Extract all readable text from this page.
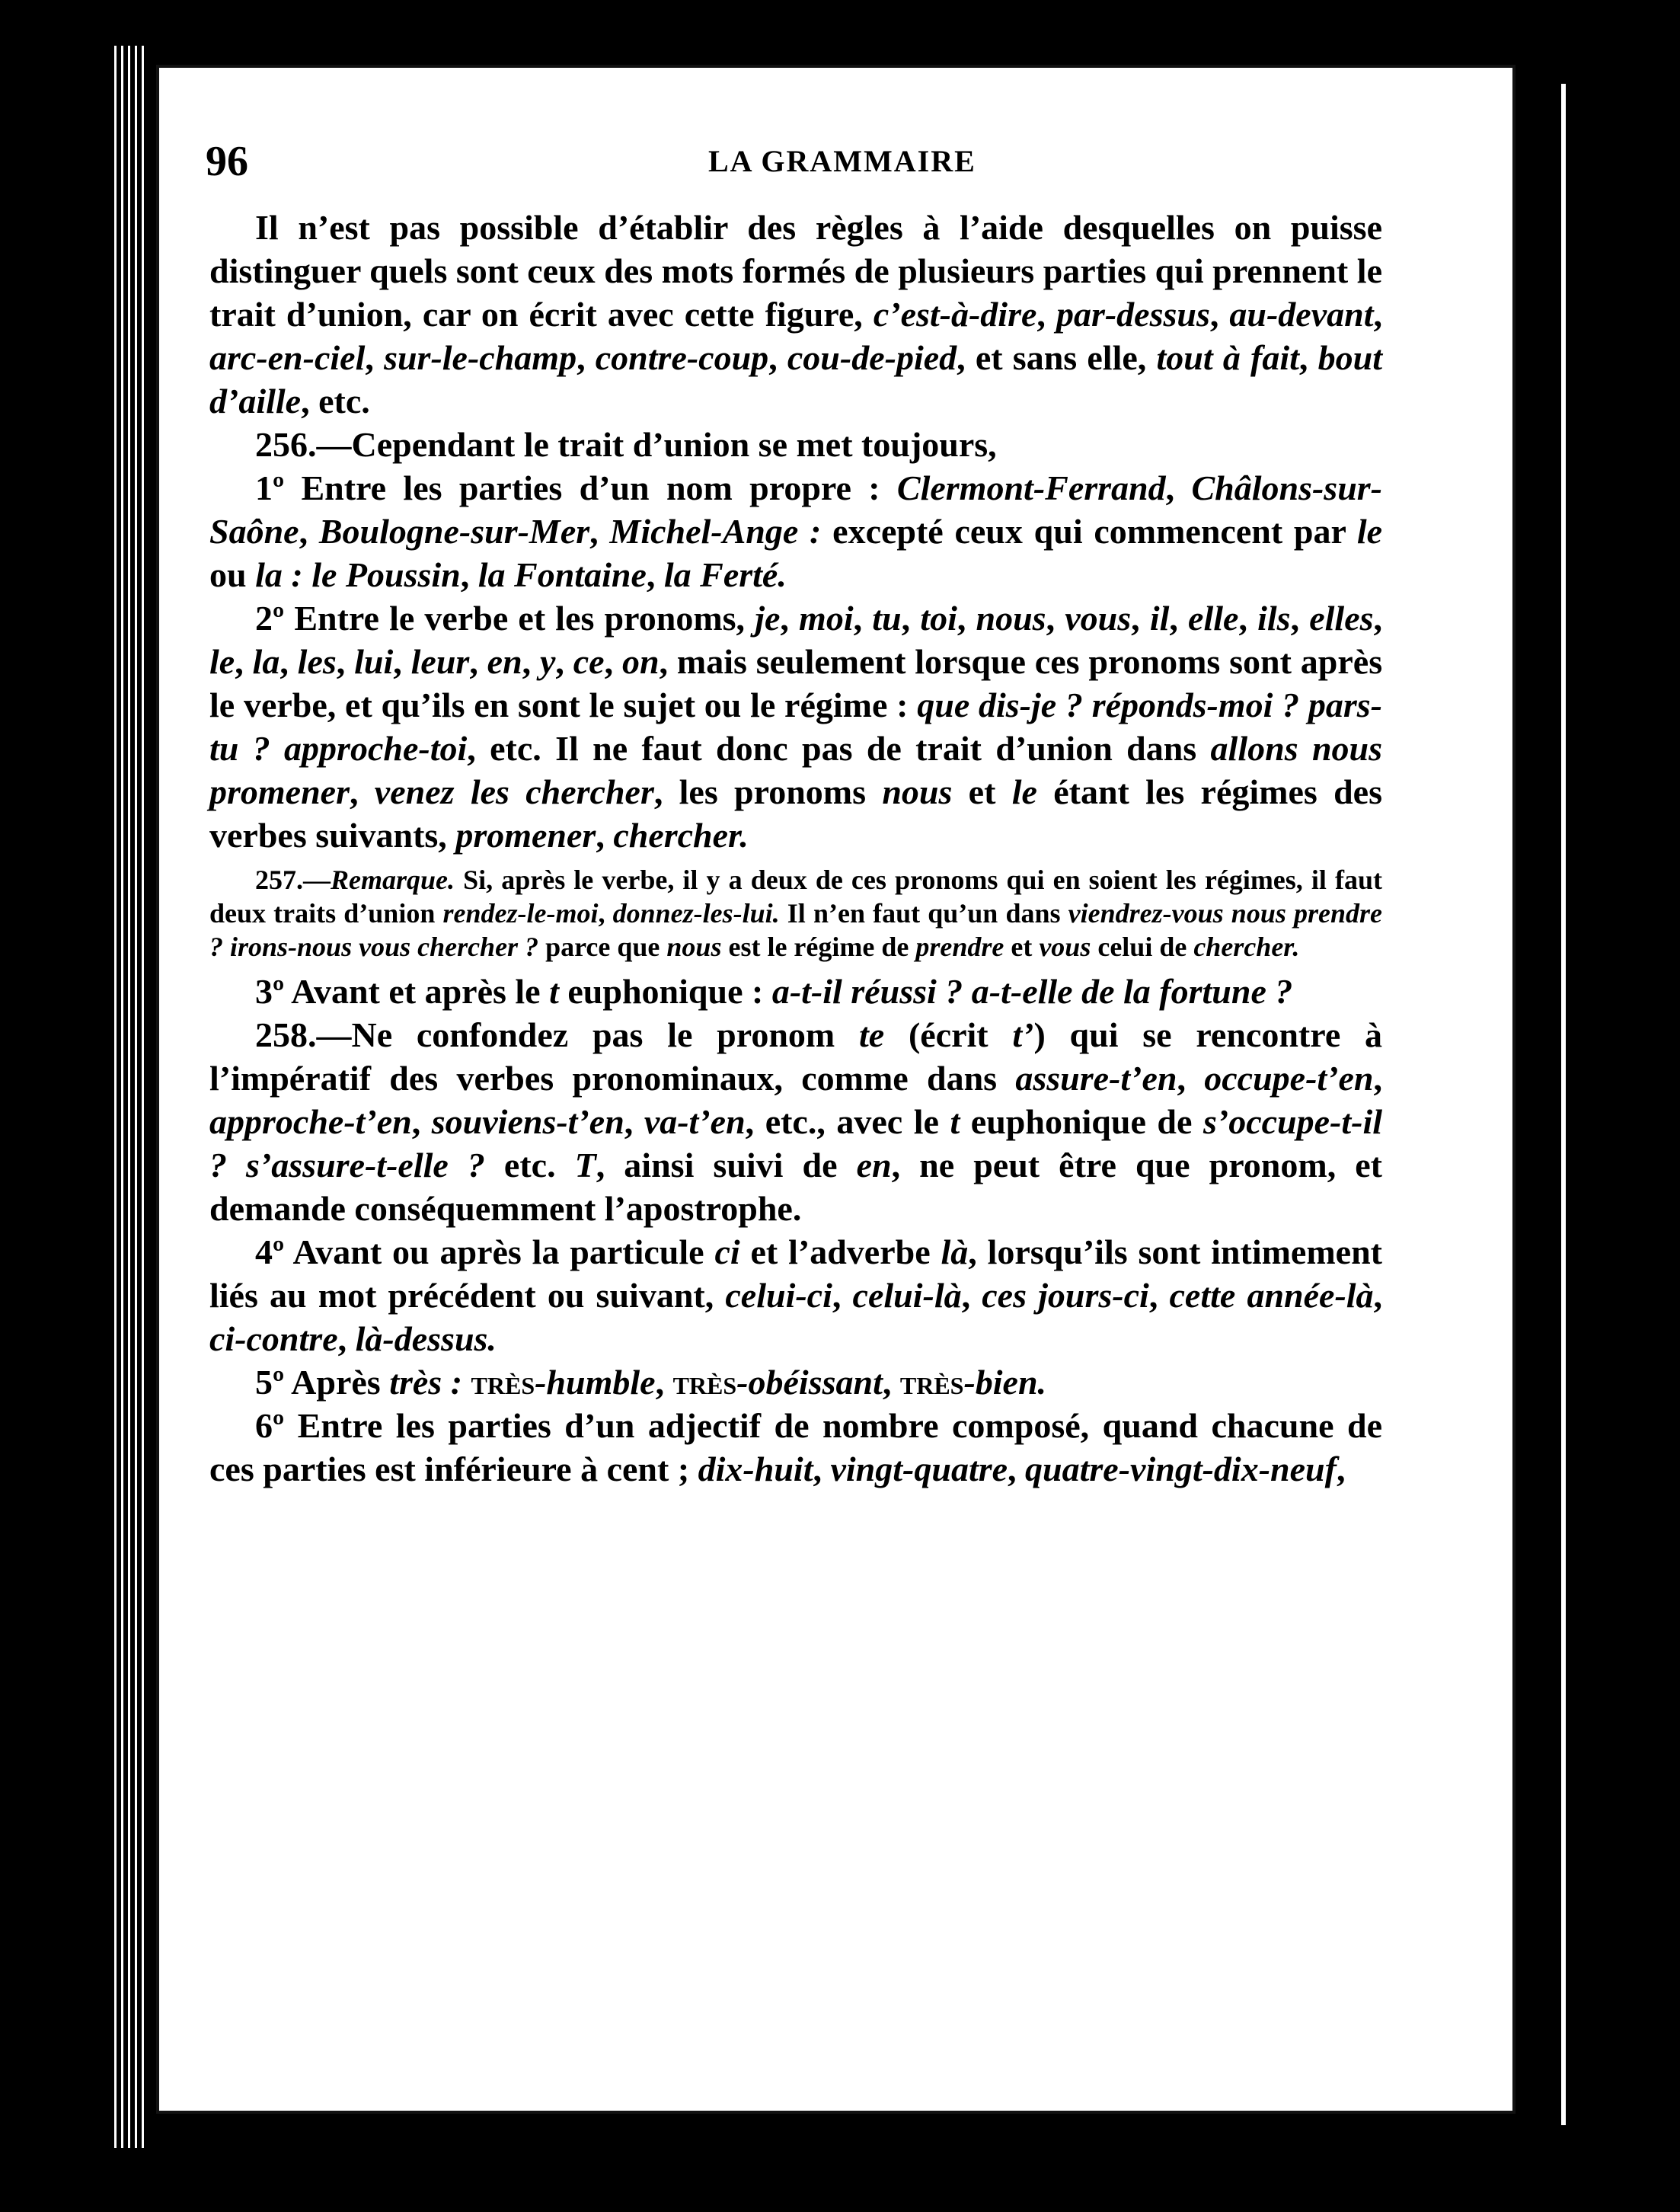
96	LA GRAMMAIRE

Il n’est pas possible d’établir des règles à l’aide desquelles on puisse distinguer quels sont ceux des mots formés de plusieurs parties qui prennent le trait d’union, car on écrit avec cette figure, c’est-à-dire, par-dessus, au-devant, arc-en-ciel, sur-le-champ, contre-coup, cou-de-pied, et sans elle, tout à fait, bout d’aille, etc.

256.—Cependant le trait d’union se met toujours,

1º Entre les parties d’un nom propre : Clermont-Ferrand, Châlons-sur-Saône, Boulogne-sur-Mer, Michel-Ange : excepté ceux qui commencent par le ou la : le Poussin, la Fontaine, la Ferté.

2º Entre le verbe et les pronoms, je, moi, tu, toi, nous, vous, il, elle, ils, elles, le, la, les, lui, leur, en, y, ce, on, mais seulement lorsque ces pronoms sont après le verbe, et qu’ils en sont le sujet ou le régime : que dis-je ? réponds-moi ? pars-tu ? approche-toi, etc. Il ne faut donc pas de trait d’union dans allons nous promener, venez les chercher, les pronoms nous et le étant les régimes des verbes suivants, promener, chercher.

257.—Remarque. Si, après le verbe, il y a deux de ces pronoms qui en soient les régimes, il faut deux traits d’union rendez-le-moi, donnez-les-lui. Il n’en faut qu’un dans viendrez-vous nous prendre ? irons-nous vous chercher ? parce que nous est le régime de prendre et vous celui de chercher.

3º Avant et après le t euphonique : a-t-il réussi ? a-t-elle de la fortune ?

258.—Ne confondez pas le pronom te (écrit t’) qui se rencontre à l’impératif des verbes pronominaux, comme dans assure-t’en, occupe-t’en, approche-t’en, souviens-t’en, va-t’en, etc., avec le t euphonique de s’occupe-t-il ? s’assure-t-elle ? etc. T, ainsi suivi de en, ne peut être que pronom, et demande conséquemment l’apostrophe.

4º Avant ou après la particule ci et l’adverbe là, lorsqu’ils sont intimement liés au mot précédent ou suivant, celui-ci, celui-là, ces jours-ci, cette année-là, ci-contre, là-dessus.

5º Après très : très-humble, très-obéissant, très-bien.

6º Entre les parties d’un adjectif de nombre composé, quand chacune de ces parties est inférieure à cent ; dix-huit, vingt-quatre, quatre-vingt-dix-neuf,
